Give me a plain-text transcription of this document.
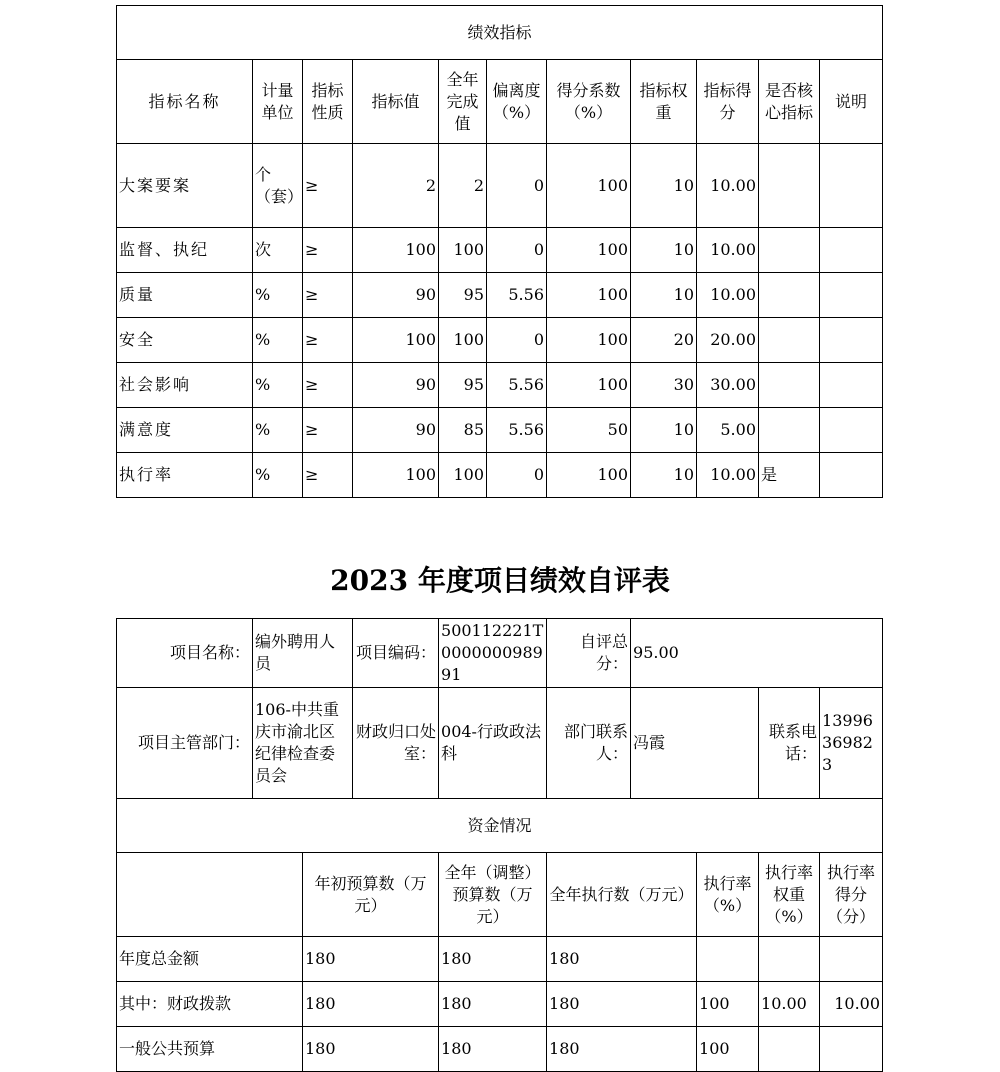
绩效指标										
指标名称	计量单位	指标性质	指标值	全年完成值	偏离度（%）	得分系数（%）	指标权重	指标得分	是否核心指标	说明
大案要案	个（套）	≥	2	2	0	100	10	10.00		
监督、执纪	次	≥	100	100	0	100	10	10.00		
质量	%	≥	90	95	5.56	100	10	10.00		
安全	%	≥	100	100	0	100	20	20.00		
社会影响	%	≥	90	95	5.56	100	30	30.00		
满意度	%	≥	90	85	5.56	50	10	5.00		
执行率	%	≥	100	100	0	100	10	10.00	是	
2023 年度项目绩效自评表
项目名称：	编外聘用人员		项目编码：	500112221T000000098991	自评总分：	95.00			
项目主管部门：	106-中共重庆市渝北区纪律检查委员会		财政归口处室：	004-行政政法科	部门联系人：	冯霞		联系电话：	13996369823
资金情况									
		年初预算数（万元）		全年（调整）预算数（万元）	全年执行数（万元）		执行率（%）	执行率权重（%）	执行率得分（分）
年度总金额		180		180	180				
其中：财政拨款		180		180	180		100	10.00	10.00
一般公共预算		180		180	180		100		
